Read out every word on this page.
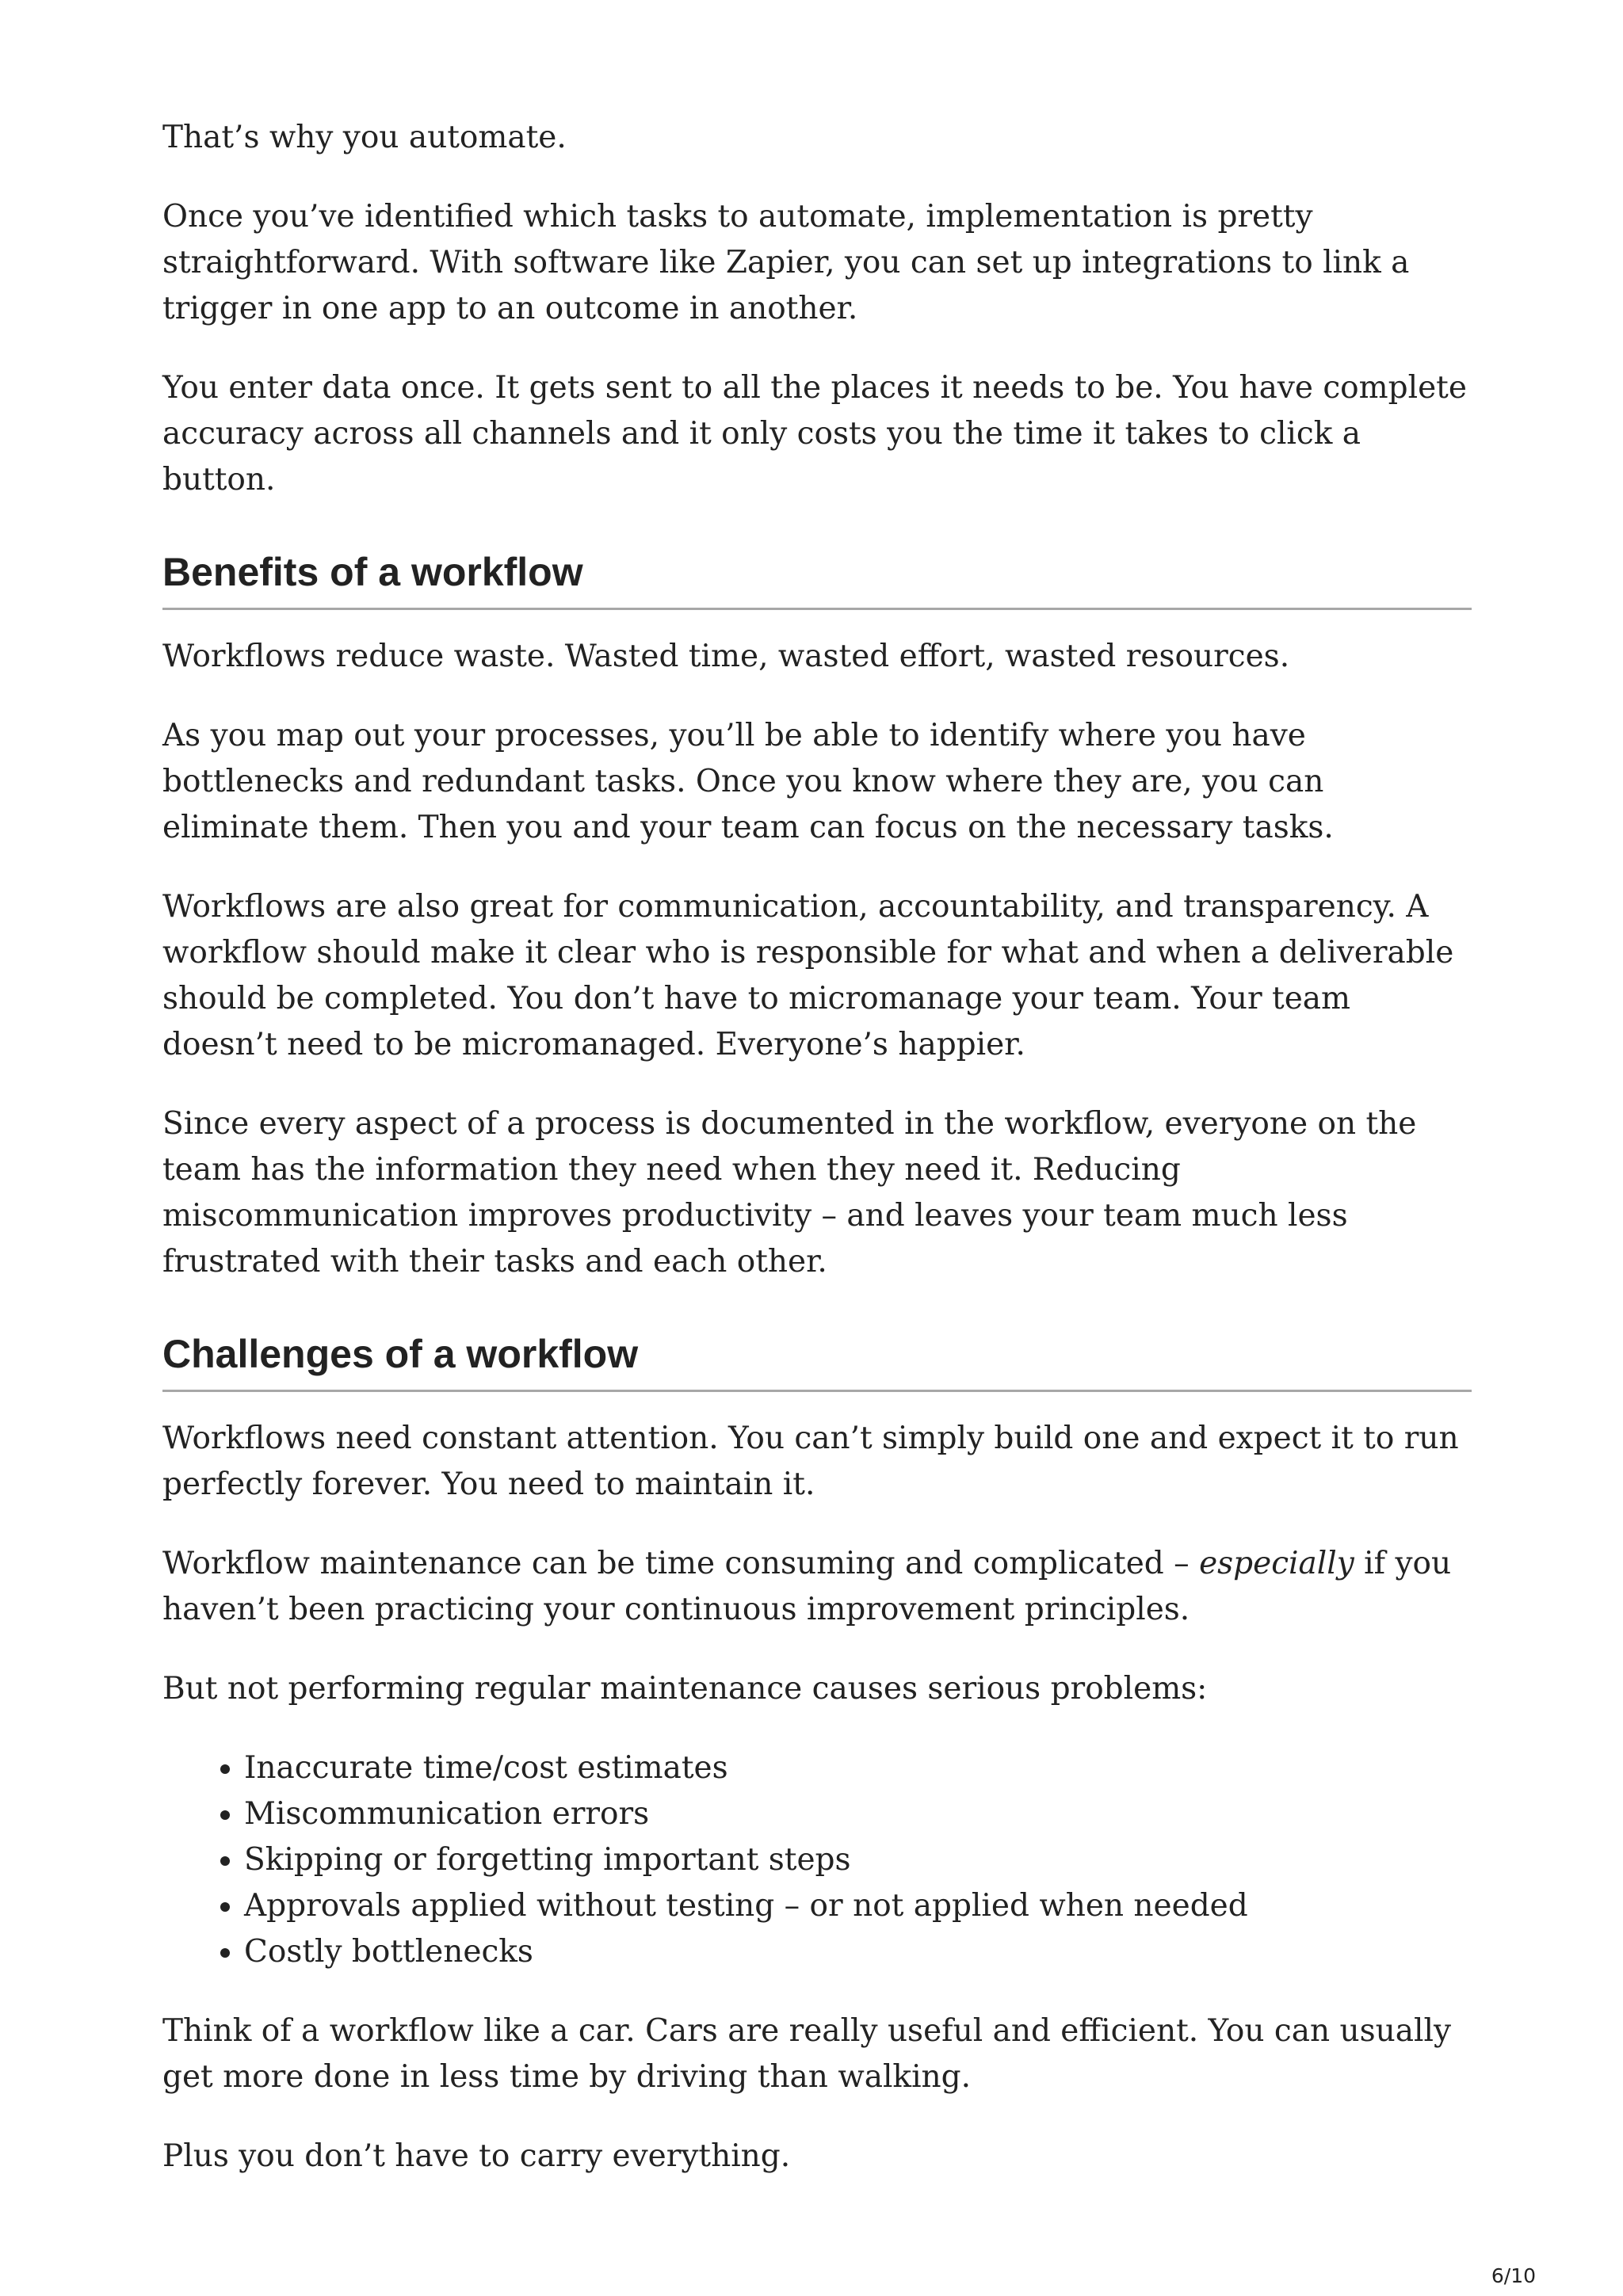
That’s why you automate.

Once you’ve identified which tasks to automate, implementation is pretty straightforward. With software like Zapier, you can set up integrations to link a trigger in one app to an outcome in another.

You enter data once. It gets sent to all the places it needs to be. You have complete accuracy across all channels and it only costs you the time it takes to click a button.

Benefits of a workflow

Workflows reduce waste. Wasted time, wasted effort, wasted resources.

As you map out your processes, you’ll be able to identify where you have bottlenecks and redundant tasks. Once you know where they are, you can eliminate them. Then you and your team can focus on the necessary tasks.

Workflows are also great for communication, accountability, and transparency. A workflow should make it clear who is responsible for what and when a deliverable should be completed. You don’t have to micromanage your team. Your team doesn’t need to be micromanaged. Everyone’s happier.

Since every aspect of a process is documented in the workflow, everyone on the team has the information they need when they need it. Reducing miscommunication improves productivity – and leaves your team much less frustrated with their tasks and each other.

Challenges of a workflow

Workflows need constant attention. You can’t simply build one and expect it to run perfectly forever. You need to maintain it.

Workflow maintenance can be time consuming and complicated – especially if you haven’t been practicing your continuous improvement principles.

But not performing regular maintenance causes serious problems:

• Inaccurate time/cost estimates
• Miscommunication errors
• Skipping or forgetting important steps
• Approvals applied without testing – or not applied when needed
• Costly bottlenecks

Think of a workflow like a car. Cars are really useful and efficient. You can usually get more done in less time by driving than walking.

Plus you don’t have to carry everything.

6/10
